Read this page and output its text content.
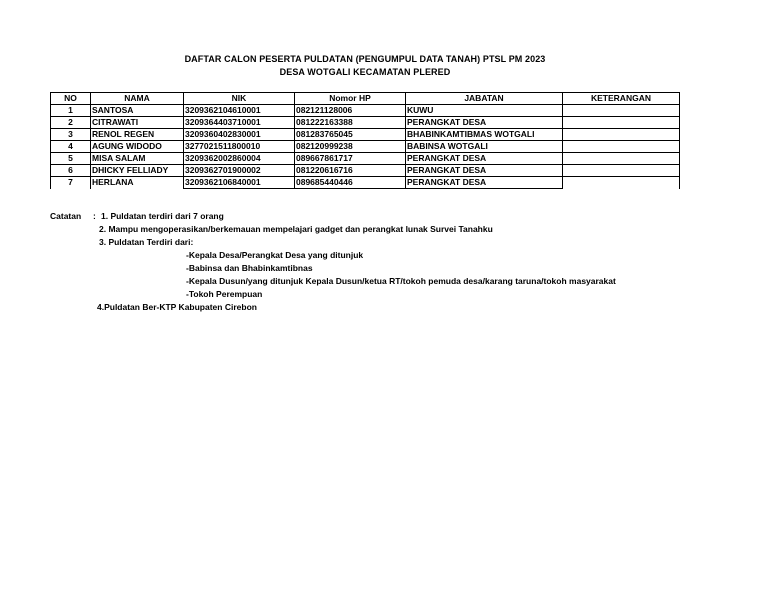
DAFTAR CALON PESERTA PULDATAN (PENGUMPUL DATA TANAH) PTSL PM 2023
DESA WOTGALI KECAMATAN PLERED
NO	NAMA	NIK	Nomor HP	JABATAN	KETERANGAN
1	SANTOSA	3209362104610001	082121128006	KUWU	
2	CITRAWATI	3209364403710001	081222163388	PERANGKAT DESA	
3	RENOL REGEN	3209360402830001	081283765045	BHABINKAMTIBMAS WOTGALI	
4	AGUNG WIDODO	3277021511800010	082120999238	BABINSA WOTGALI	
5	MISA SALAM	3209362002860004	089667861717	PERANGKAT DESA	
6	DHICKY FELLIADY	3209362701900002	081220616716	PERANGKAT DESA	
7	HERLANA	3209362106840001	089685440446	PERANGKAT DESA	
Catatan : 1. Puldatan terdiri dari 7 orang
2. Mampu mengoperasikan/berkemauan mempelajari gadget dan perangkat lunak Survei Tanahku
3. Puldatan Terdiri dari:
-Kepala Desa/Perangkat Desa yang ditunjuk
-Babinsa dan Bhabinkamtibnas
-Kepala Dusun/yang ditunjuk Kepala Dusun/ketua RT/tokoh pemuda desa/karang taruna/tokoh masyarakat
-Tokoh Perempuan
4.Puldatan Ber-KTP Kabupaten Cirebon
